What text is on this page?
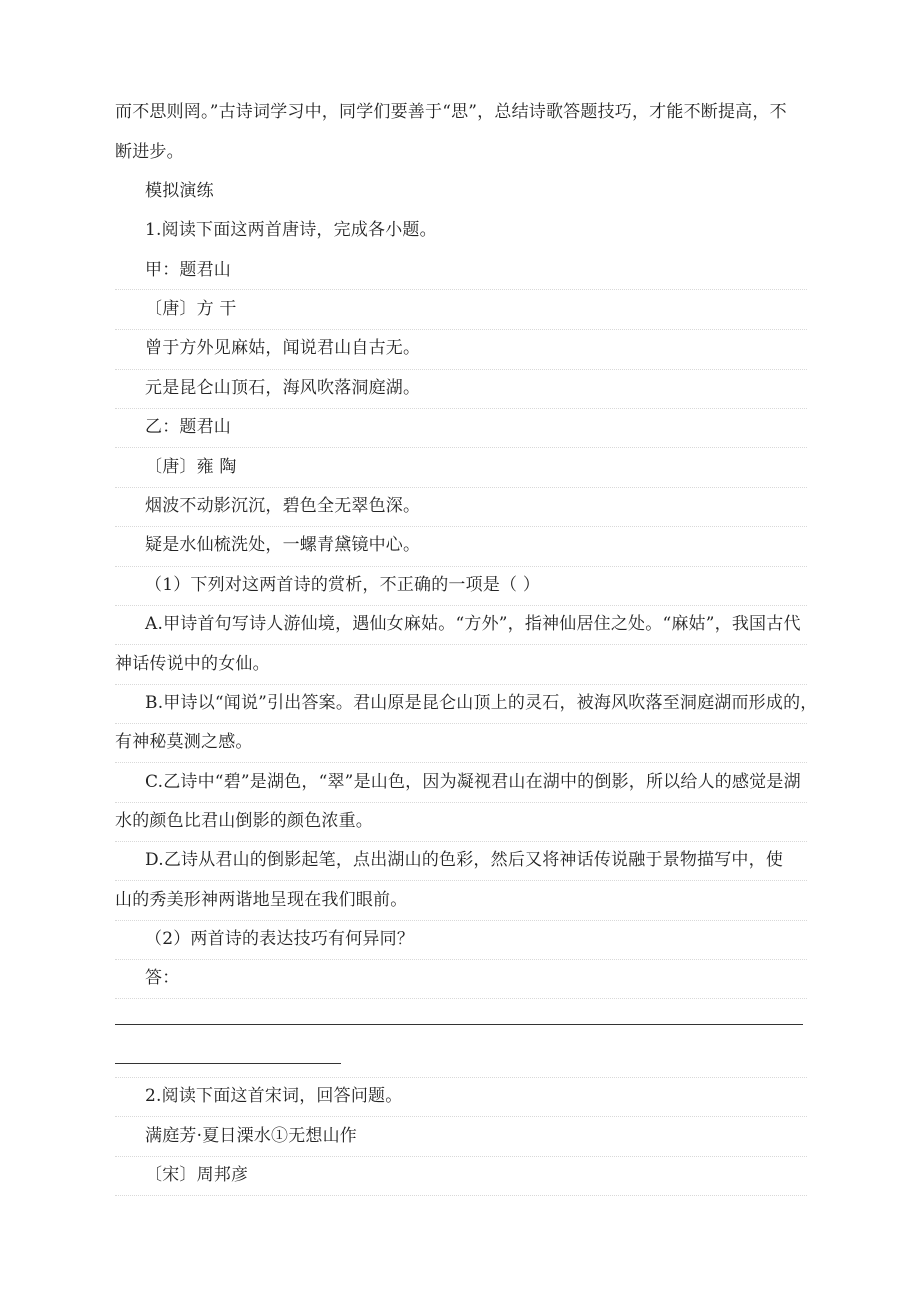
而不思则罔。”古诗词学习中，同学们要善于“思”，总结诗歌答题技巧，才能不断提高，不
断进步。
模拟演练
1.阅读下面这两首唐诗，完成各小题。
甲：题君山
〔唐〕方 干
曾于方外见麻姑，闻说君山自古无。
元是昆仑山顶石，海风吹落洞庭湖。
乙：题君山
〔唐〕雍 陶
烟波不动影沉沉，碧色全无翠色深。
疑是水仙梳洗处，一螺青黛镜中心。
（1）下列对这两首诗的赏析，不正确的一项是（ ）
A.甲诗首句写诗人游仙境，遇仙女麻姑。“方外”，指神仙居住之处。“麻姑”，我国古代
神话传说中的女仙。
B.甲诗以“闻说”引出答案。君山原是昆仑山顶上的灵石，被海风吹落至洞庭湖而形成的，
有神秘莫测之感。
C.乙诗中“碧”是湖色，“翠”是山色，因为凝视君山在湖中的倒影，所以给人的感觉是湖
水的颜色比君山倒影的颜色浓重。
D.乙诗从君山的倒影起笔，点出湖山的色彩，然后又将神话传说融于景物描写中，使
山的秀美形神两谐地呈现在我们眼前。
（2）两首诗的表达技巧有何异同？
答：
2.阅读下面这首宋词，回答问题。
满庭芳·夏日溧水①无想山作
〔宋〕周邦彦
